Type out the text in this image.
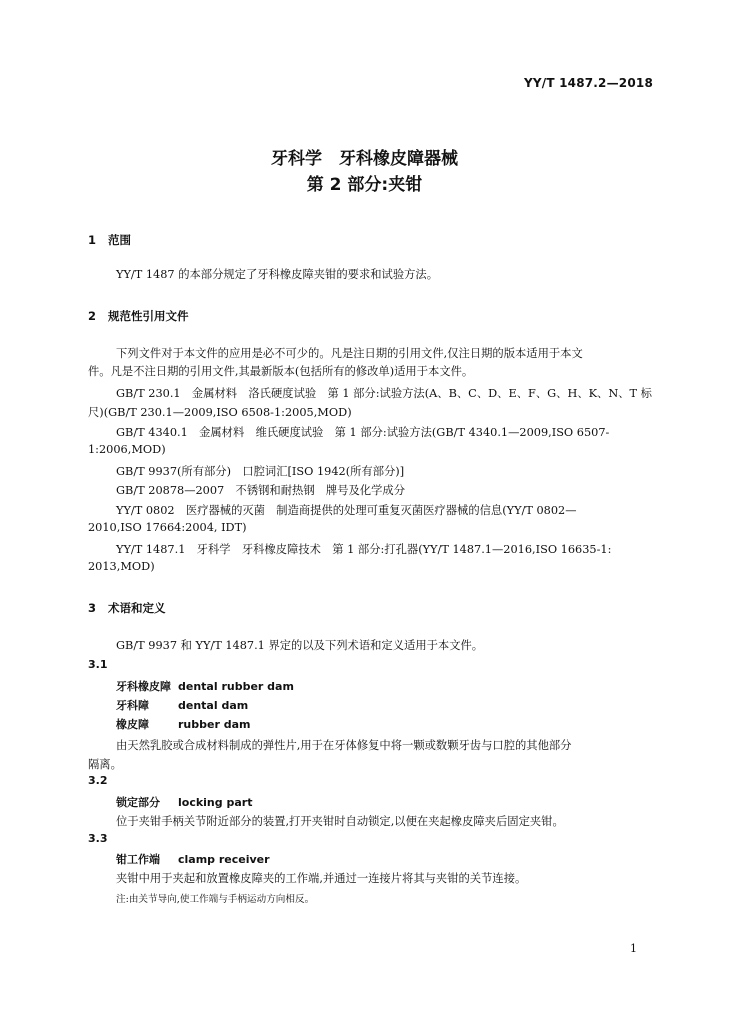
YY/T 1487.2—2018
牙科学　牙科橡皮障器械
第 2 部分:夹钳
1 范围
YY/T 1487 的本部分规定了牙科橡皮障夹钳的要求和试验方法。
2 规范性引用文件
下列文件对于本文件的应用是必不可少的。凡是注日期的引用文件,仅注日期的版本适用于本文
件。凡是不注日期的引用文件,其最新版本(包括所有的修改单)适用于本文件。
GB/T 230.1　金属材料　洛氏硬度试验　第 1 部分:试验方法(A、B、C、D、E、F、G、H、K、N、T 标
尺)(GB/T 230.1—2009,ISO 6508-1:2005,MOD)
GB/T 4340.1　金属材料　维氏硬度试验　第 1 部分:试验方法(GB/T 4340.1—2009,ISO 6507-
1:2006,MOD)
GB/T 9937(所有部分)　口腔词汇[ISO 1942(所有部分)]
GB/T 20878—2007　不锈钢和耐热钢　牌号及化学成分
YY/T 0802　医疗器械的灭菌　制造商提供的处理可重复灭菌医疗器械的信息(YY/T 0802—
2010,ISO 17664:2004, IDT)
YY/T 1487.1　牙科学　牙科橡皮障技术　第 1 部分:打孔器(YY/T 1487.1—2016,ISO 16635-1:
2013,MOD)
3 术语和定义
GB/T 9937 和 YY/T 1487.1 界定的以及下列术语和定义适用于本文件。
3.1
牙科橡皮障 dental rubber dam
牙科障	dental dam
橡皮障	rubber dam
由天然乳胶或合成材料制成的弹性片,用于在牙体修复中将一颗或数颗牙齿与口腔的其他部分
隔离。
3.2
锁定部分 locking part
位于夹钳手柄关节附近部分的装置,打开夹钳时自动锁定,以便在夹起橡皮障夹后固定夹钳。
3.3
钳工作端 clamp receiver
夹钳中用于夹起和放置橡皮障夹的工作端,并通过一连接片将其与夹钳的关节连接。
注:由关节导向,使工作端与手柄运动方向相反。
1
